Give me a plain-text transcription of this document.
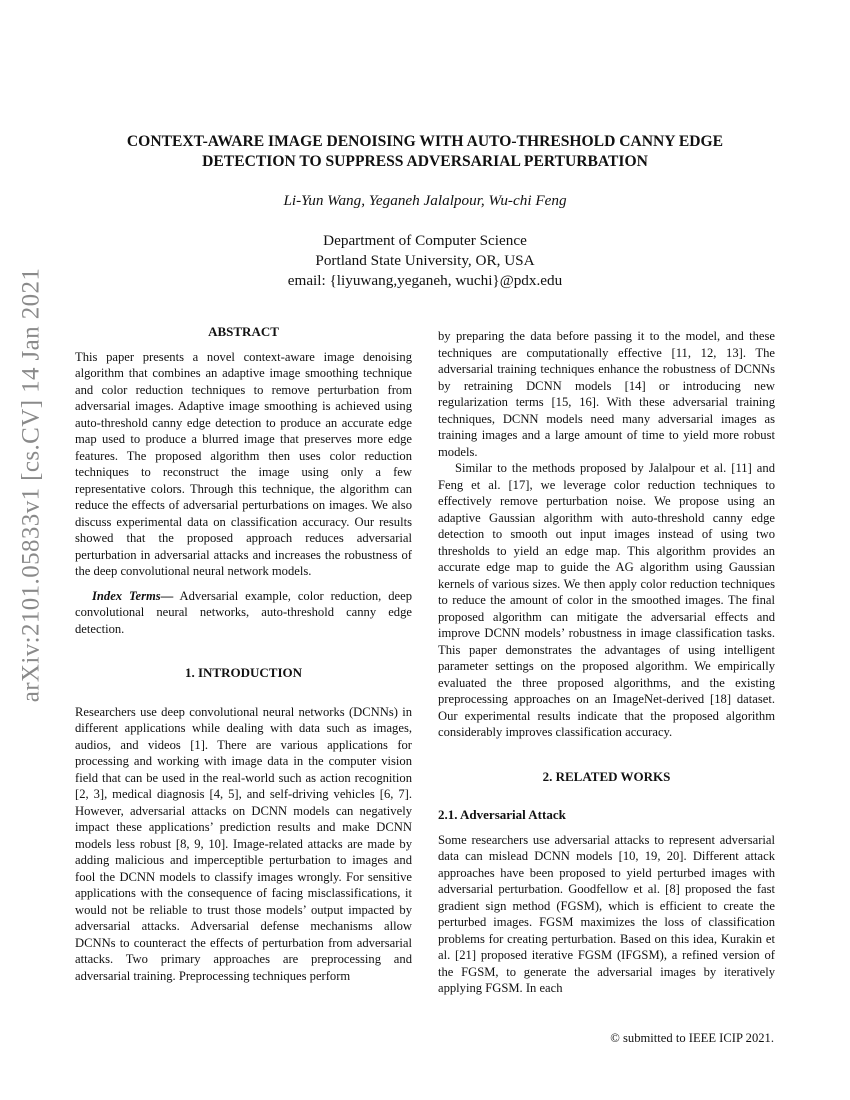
arXiv:2101.05833v1 [cs.CV] 14 Jan 2021
CONTEXT-AWARE IMAGE DENOISING WITH AUTO-THRESHOLD CANNY EDGE
DETECTION TO SUPPRESS ADVERSARIAL PERTURBATION
Li-Yun Wang, Yeganeh Jalalpour, Wu-chi Feng
Department of Computer Science
Portland State University, OR, USA
email: {liyuwang,yeganeh, wuchi}@pdx.edu
ABSTRACT

This paper presents a novel context-aware image denoising algorithm that combines an adaptive image smoothing technique and color reduction techniques to remove perturbation from adversarial images. Adaptive image smoothing is achieved using auto-threshold canny edge detection to produce an accurate edge map used to produce a blurred image that preserves more edge features. The proposed algorithm then uses color reduction techniques to reconstruct the image using only a few representative colors. Through this technique, the algorithm can reduce the effects of adversarial perturbations on images. We also discuss experimental data on classification accuracy. Our results showed that the proposed approach reduces adversarial perturbation in adversarial attacks and increases the robustness of the deep convolutional neural network models.

Index Terms— Adversarial example, color reduction, deep convolutional neural networks, auto-threshold canny edge detection.

1. INTRODUCTION

Researchers use deep convolutional neural networks (DCNNs) in different applications while dealing with data such as images, audios, and videos [1]. There are various applications for processing and working with image data in the computer vision field that can be used in the real-world such as action recognition [2, 3], medical diagnosis [4, 5], and self-driving vehicles [6, 7]. However, adversarial attacks on DCNN models can negatively impact these applications’ prediction results and make DCNN models less robust [8, 9, 10]. Image-related attacks are made by adding malicious and imperceptible perturbation to images and fool the DCNN models to classify images wrongly. For sensitive applications with the consequence of facing misclassifications, it would not be reliable to trust those models’ output impacted by adversarial attacks. Adversarial defense mechanisms allow DCNNs to counteract the effects of perturbation from adversarial attacks. Two primary approaches are preprocessing and adversarial training. Preprocessing techniques perform

by preparing the data before passing it to the model, and these techniques are computationally effective [11, 12, 13]. The adversarial training techniques enhance the robustness of DCNNs by retraining DCNN models [14] or introducing new regularization terms [15, 16]. With these adversarial training techniques, DCNN models need many adversarial images as training images and a large amount of time to yield more robust models.

Similar to the methods proposed by Jalalpour et al. [11] and Feng et al. [17], we leverage color reduction techniques to effectively remove perturbation noise. We propose using an adaptive Gaussian algorithm with auto-threshold canny edge detection to smooth out input images instead of using two thresholds to yield an edge map. This algorithm provides an accurate edge map to guide the AG algorithm using Gaussian kernels of various sizes. We then apply color reduction techniques to reduce the amount of color in the smoothed images. The final proposed algorithm can mitigate the adversarial effects and improve DCNN models’ robustness in image classification tasks. This paper demonstrates the advantages of using intelligent parameter settings on the proposed algorithm. We empirically evaluated the three proposed algorithms, and the existing preprocessing approaches on an ImageNet-derived [18] dataset. Our experimental results indicate that the proposed algorithm considerably improves classification accuracy.

2. RELATED WORKS
2.1. Adversarial Attack

Some researchers use adversarial attacks to represent adversarial data can mislead DCNN models [10, 19, 20]. Different attack approaches have been proposed to yield perturbed images with adversarial perturbation. Goodfellow et al. [8] proposed the fast gradient sign method (FGSM), which is efficient to create the perturbed images. FGSM maximizes the loss of classification problems for creating perturbation. Based on this idea, Kurakin et al. [21] proposed iterative FGSM (IFGSM), a refined version of the FGSM, to generate the adversarial images by iteratively applying FGSM. In each

© submitted to IEEE ICIP 2021.
